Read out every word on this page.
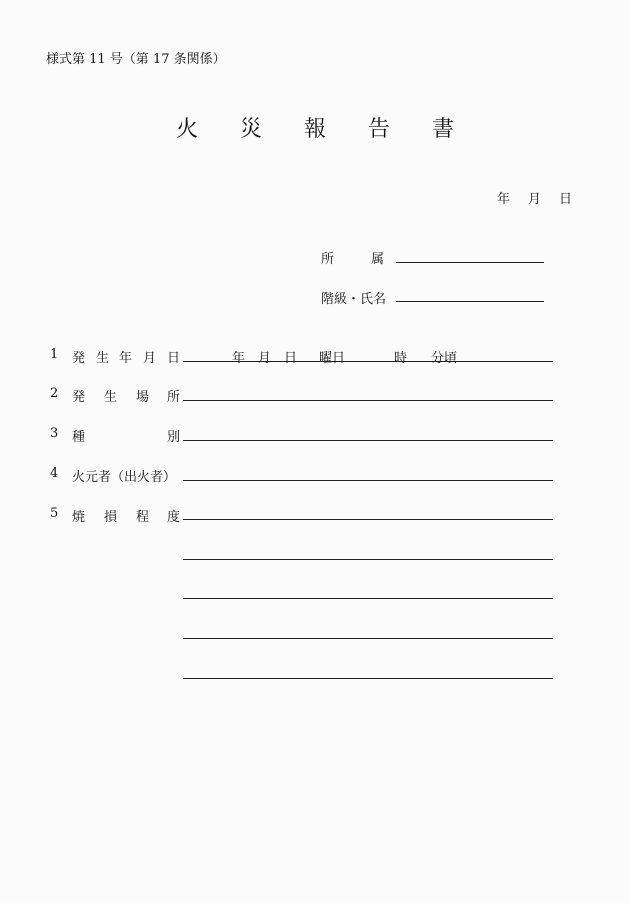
様式第 11 号（第 17 条関係）
火 災 報 告 書
年 月 日
所	属
階級・氏名
1 発 生 年 月 日	年 月 日 曜日	時 分頃
2 発 生 場 所
3 種	別
4 火元者（出火者）
5 焼 損 程 度
